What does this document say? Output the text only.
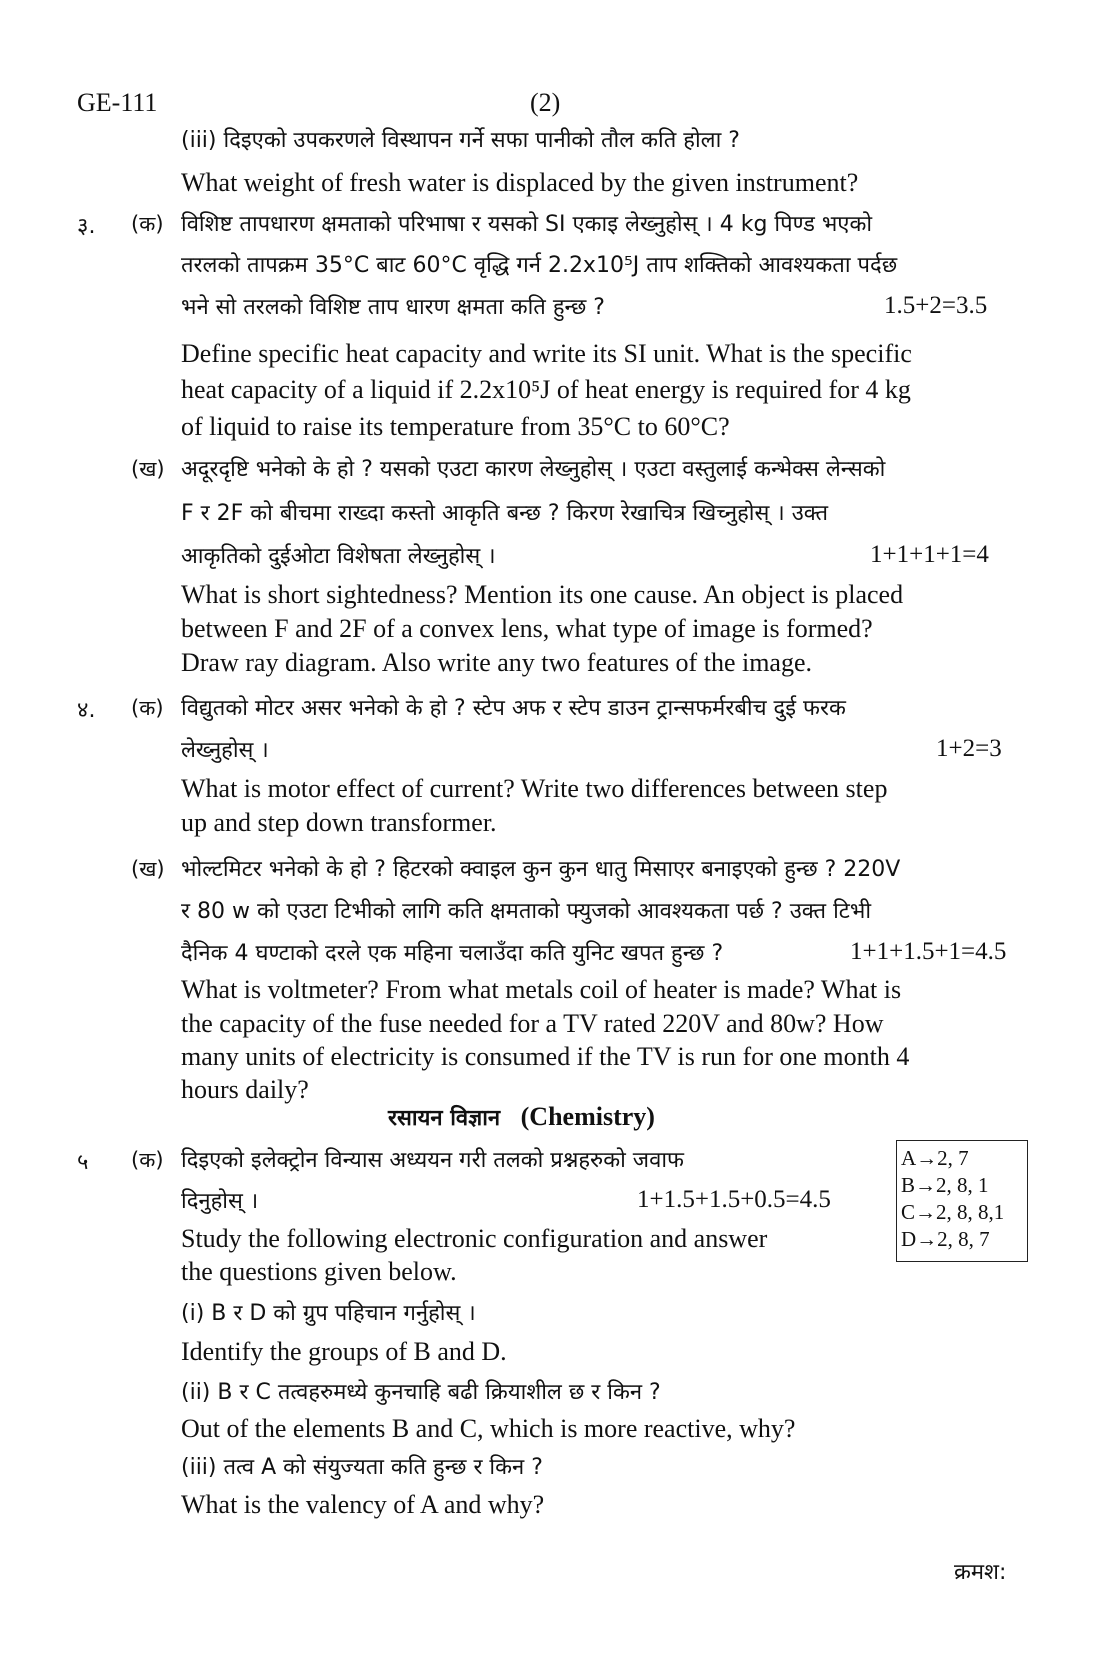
GE-111	(2)
(iii) दिइएको उपकरणले विस्थापन गर्ने सफा पानीको तौल कति होला ?
What weight of fresh water is displaced by the given instrument?
३. (क) विशिष्ट तापधारण क्षमताको परिभाषा र यसको SI एकाइ लेख्नुहोस् । 4 kg पिण्ड भएको
तरलको तापक्रम 35°C बाट 60°C वृद्धि गर्न 2.2x10⁵J ताप शक्तिको आवश्यकता पर्दछ
भने सो तरलको विशिष्ट ताप धारण क्षमता कति हुन्छ ?	1.5+2=3.5
Define specific heat capacity and write its SI unit. What is the specific
heat capacity of a liquid if 2.2x10⁵J of heat energy is required for 4 kg
of liquid to raise its temperature from 35°C to 60°C?
(ख) अदूरदृष्टि भनेको के हो ? यसको एउटा कारण लेख्नुहोस् । एउटा वस्तुलाई कन्भेक्स लेन्सको
F र 2F को बीचमा राख्दा कस्तो आकृति बन्छ ? किरण रेखाचित्र खिच्नुहोस् । उक्त
आकृतिको दुईओटा विशेषता लेख्नुहोस् ।	1+1+1+1=4
What is short sightedness? Mention its one cause. An object is placed
between F and 2F of a convex lens, what type of image is formed?
Draw ray diagram. Also write any two features of the image.
४. (क) विद्युतको मोटर असर भनेको के हो ? स्टेप अफ र स्टेप डाउन ट्रान्सफर्मरबीच दुई फरक
लेख्नुहोस् ।	1+2=3
What is motor effect of current? Write two differences between step
up and step down transformer.
(ख) भोल्टमिटर भनेको के हो ? हिटरको क्वाइल कुन कुन धातु मिसाएर बनाइएको हुन्छ ? 220V
र 80 w को एउटा टिभीको लागि कति क्षमताको फ्युजको आवश्यकता पर्छ ? उक्त टिभी
दैनिक 4 घण्टाको दरले एक महिना चलाउँदा कति युनिट खपत हुन्छ ?	1+1+1.5+1=4.5
What is voltmeter? From what metals coil of heater is made? What is
the capacity of the fuse needed for a TV rated 220V and 80w? How
many units of electricity is consumed if the TV is run for one month 4
hours daily?
रसायन विज्ञान (Chemistry)
५ (क) दिइएको इलेक्ट्रोन विन्यास अध्ययन गरी तलको प्रश्नहरुको जवाफ
दिनुहोस् ।	1+1.5+1.5+0.5=4.5
Study the following electronic configuration and answer
the questions given below.
A→2, 7
B→2, 8, 1
C→2, 8, 8,1
D→2, 8, 7
(i) B र D को ग्रुप पहिचान गर्नुहोस् ।
Identify the groups of B and D.
(ii) B र C तत्वहरुमध्ये कुनचाहि बढी क्रियाशील छ र किन ?
Out of the elements B and C, which is more reactive, why?
(iii) तत्व A को संयुज्यता कति हुन्छ र किन ?
What is the valency of A and why?
क्रमश:
